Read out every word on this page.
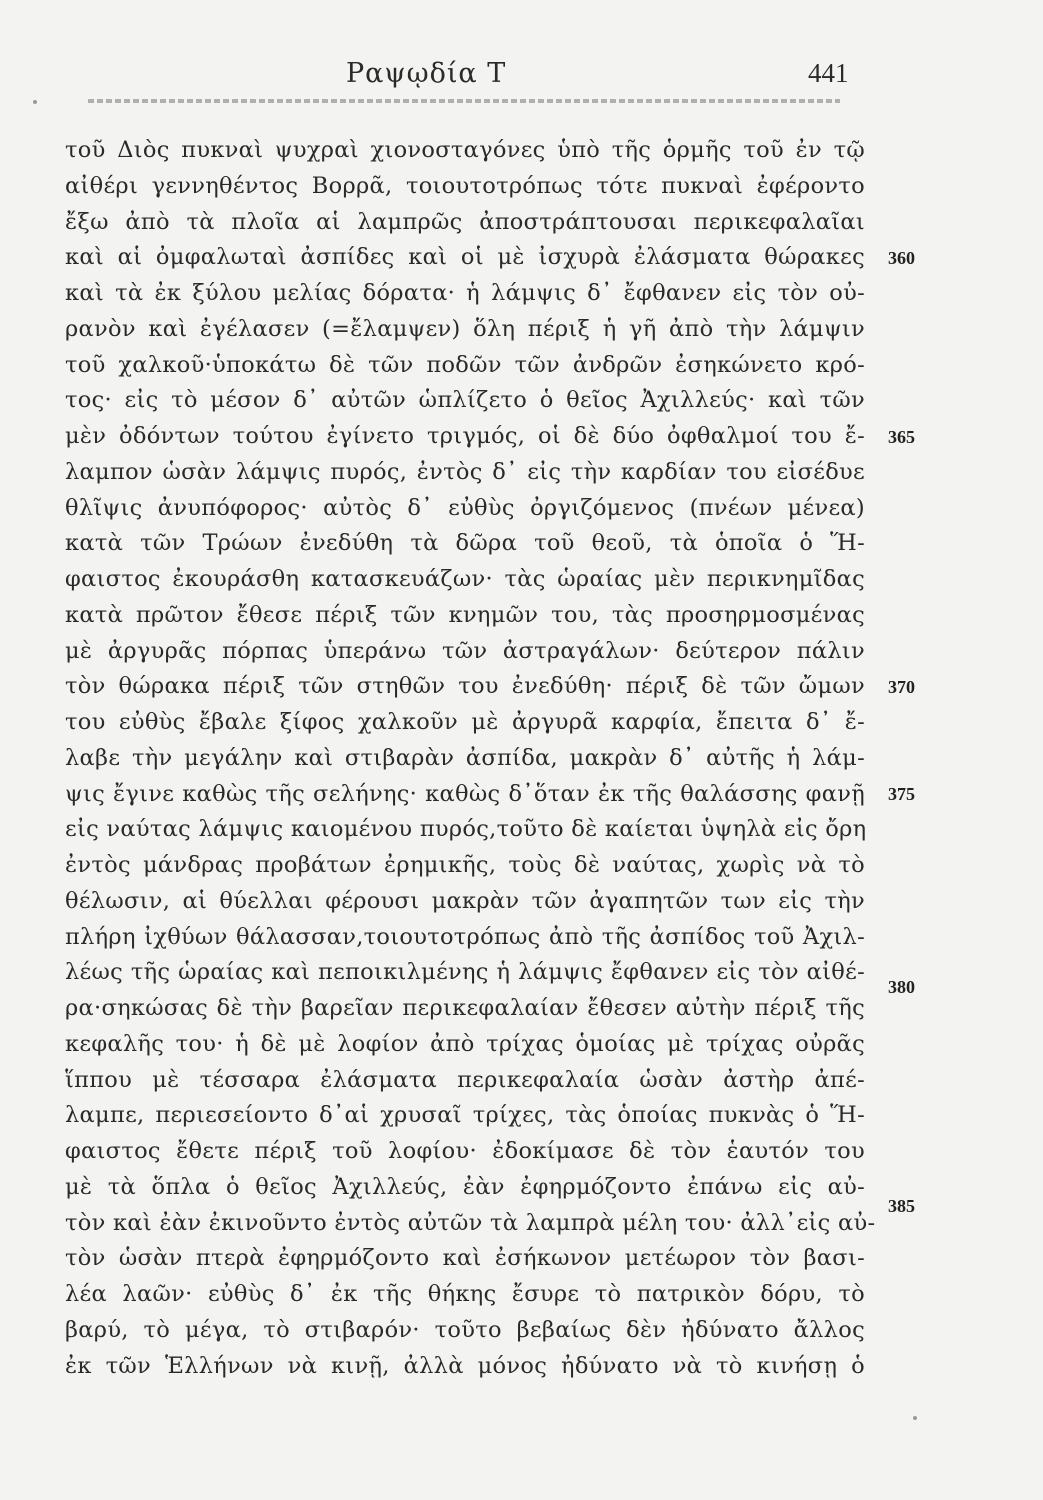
Ραψῳδία Τ	441
τοῦ Διὸς πυκναὶ ψυχραὶ χιονοσταγόνες ὑπὸ τῆς ὁρμῆς τοῦ ἐν τῷ
αἰθέρι γεννηθέντος Βορρᾶ, τοιουτοτρόπως τότε πυκναὶ ἐφέροντο
ἔξω ἀπὸ τὰ πλοῖα αἱ λαμπρῶς ἀποστράπτουσαι περικεφαλαῖαι
καὶ αἱ ὀμφαλωταὶ ἀσπίδες καὶ οἱ μὲ ἰσχυρὰ ἐλάσματα θώρακες
καὶ τὰ ἐκ ξύλου μελίας δόρατα· ἡ λάμψις δ᾽ ἔφθανεν εἰς τὸν οὐ-
ρανὸν καὶ ἐγέλασεν (=ἔλαμψεν) ὅλη πέριξ ἡ γῆ ἀπὸ τὴν λάμψιν
τοῦ χαλκοῦ·ὑποκάτω δὲ τῶν ποδῶν τῶν ἀνδρῶν ἐσηκώνετο κρό-
τος· εἰς τὸ μέσον δ᾽ αὐτῶν ὡπλίζετο ὁ θεῖος Ἀχιλλεύς· καὶ τῶν
μὲν ὀδόντων τούτου ἐγίνετο τριγμός, οἱ δὲ δύο ὀφθαλμοί του ἔ-
λαμπον ὡσὰν λάμψις πυρός, ἐντὸς δ᾽ εἰς τὴν καρδίαν του εἰσέδυε
θλῖψις ἀνυπόφορος· αὐτὸς δ᾽ εὐθὺς ὀργιζόμενος (πνέων μένεα)
κατὰ τῶν Τρώων ἐνεδύθη τὰ δῶρα τοῦ θεοῦ, τὰ ὁποῖα ὁ Ἥ-
φαιστος ἐκουράσθη κατασκευάζων· τὰς ὡραίας μὲν περικνημῖδας
κατὰ πρῶτον ἔθεσε πέριξ τῶν κνημῶν του, τὰς προσηρμοσμένας
μὲ ἀργυρᾶς πόρπας ὑπεράνω τῶν ἀστραγάλων· δεύτερον πάλιν
τὸν θώρακα πέριξ τῶν στηθῶν του ἐνεδύθη· πέριξ δὲ τῶν ὤμων
του εὐθὺς ἔβαλε ξίφος χαλκοῦν μὲ ἀργυρᾶ καρφία, ἔπειτα δ᾽ ἔ-
λαβε τὴν μεγάλην καὶ στιβαρὰν ἀσπίδα, μακρὰν δ᾽ αὐτῆς ἡ λάμ-
ψις ἔγινε καθὼς τῆς σελήνης· καθὼς δ᾽ὅταν ἐκ τῆς θαλάσσης φανῇ
εἰς ναύτας λάμψις καιομένου πυρός,τοῦτο δὲ καίεται ὑψηλὰ εἰς ὄρη
ἐντὸς μάνδρας προβάτων ἐρημικῆς, τοὺς δὲ ναύτας, χωρὶς νὰ τὸ
θέλωσιν, αἱ θύελλαι φέρουσι μακρὰν τῶν ἀγαπητῶν των εἰς τὴν
πλήρη ἰχθύων θάλασσαν,τοιουτοτρόπως ἀπὸ τῆς ἀσπίδος τοῦ Ἀχιλ-
λέως τῆς ὡραίας καὶ πεποικιλμένης ἡ λάμψις ἔφθανεν εἰς τὸν αἰθέ-
ρα·σηκώσας δὲ τὴν βαρεῖαν περικεφαλαίαν ἔθεσεν αὐτὴν πέριξ τῆς
κεφαλῆς του· ἡ δὲ μὲ λοφίον ἀπὸ τρίχας ὁμοίας μὲ τρίχας οὐρᾶς
ἵππου μὲ τέσσαρα ἐλάσματα περικεφαλαία ὡσὰν ἀστὴρ ἀπέ-
λαμπε, περιεσείοντο δ᾽αἱ χρυσαῖ τρίχες, τὰς ὁποίας πυκνὰς ὁ Ἥ-
φαιστος ἔθετε πέριξ τοῦ λοφίου· ἐδοκίμασε δὲ τὸν ἑαυτόν του
μὲ τὰ ὅπλα ὁ θεῖος Ἀχιλλεύς, ἐὰν ἐφηρμόζοντο ἐπάνω εἰς αὐ-
τὸν καὶ ἐὰν ἐκινοῦντο ἐντὸς αὐτῶν τὰ λαμπρὰ μέλη του· ἀλλ᾽εἰς αὐ-
τὸν ὡσὰν πτερὰ ἐφηρμόζοντο καὶ ἐσήκωνον μετέωρον τὸν βασι-
λέα λαῶν· εὐθὺς δ᾽ ἐκ τῆς θήκης ἔσυρε τὸ πατρικὸν δόρυ, τὸ
βαρύ, τὸ μέγα, τὸ στιβαρόν· τοῦτο βεβαίως δὲν ἠδύνατο ἄλλος
ἐκ τῶν Ἑλλήνων νὰ κινῇ, ἀλλὰ μόνος ἠδύνατο νὰ τὸ κινήσῃ ὁ
360
365
370
375
380
385
